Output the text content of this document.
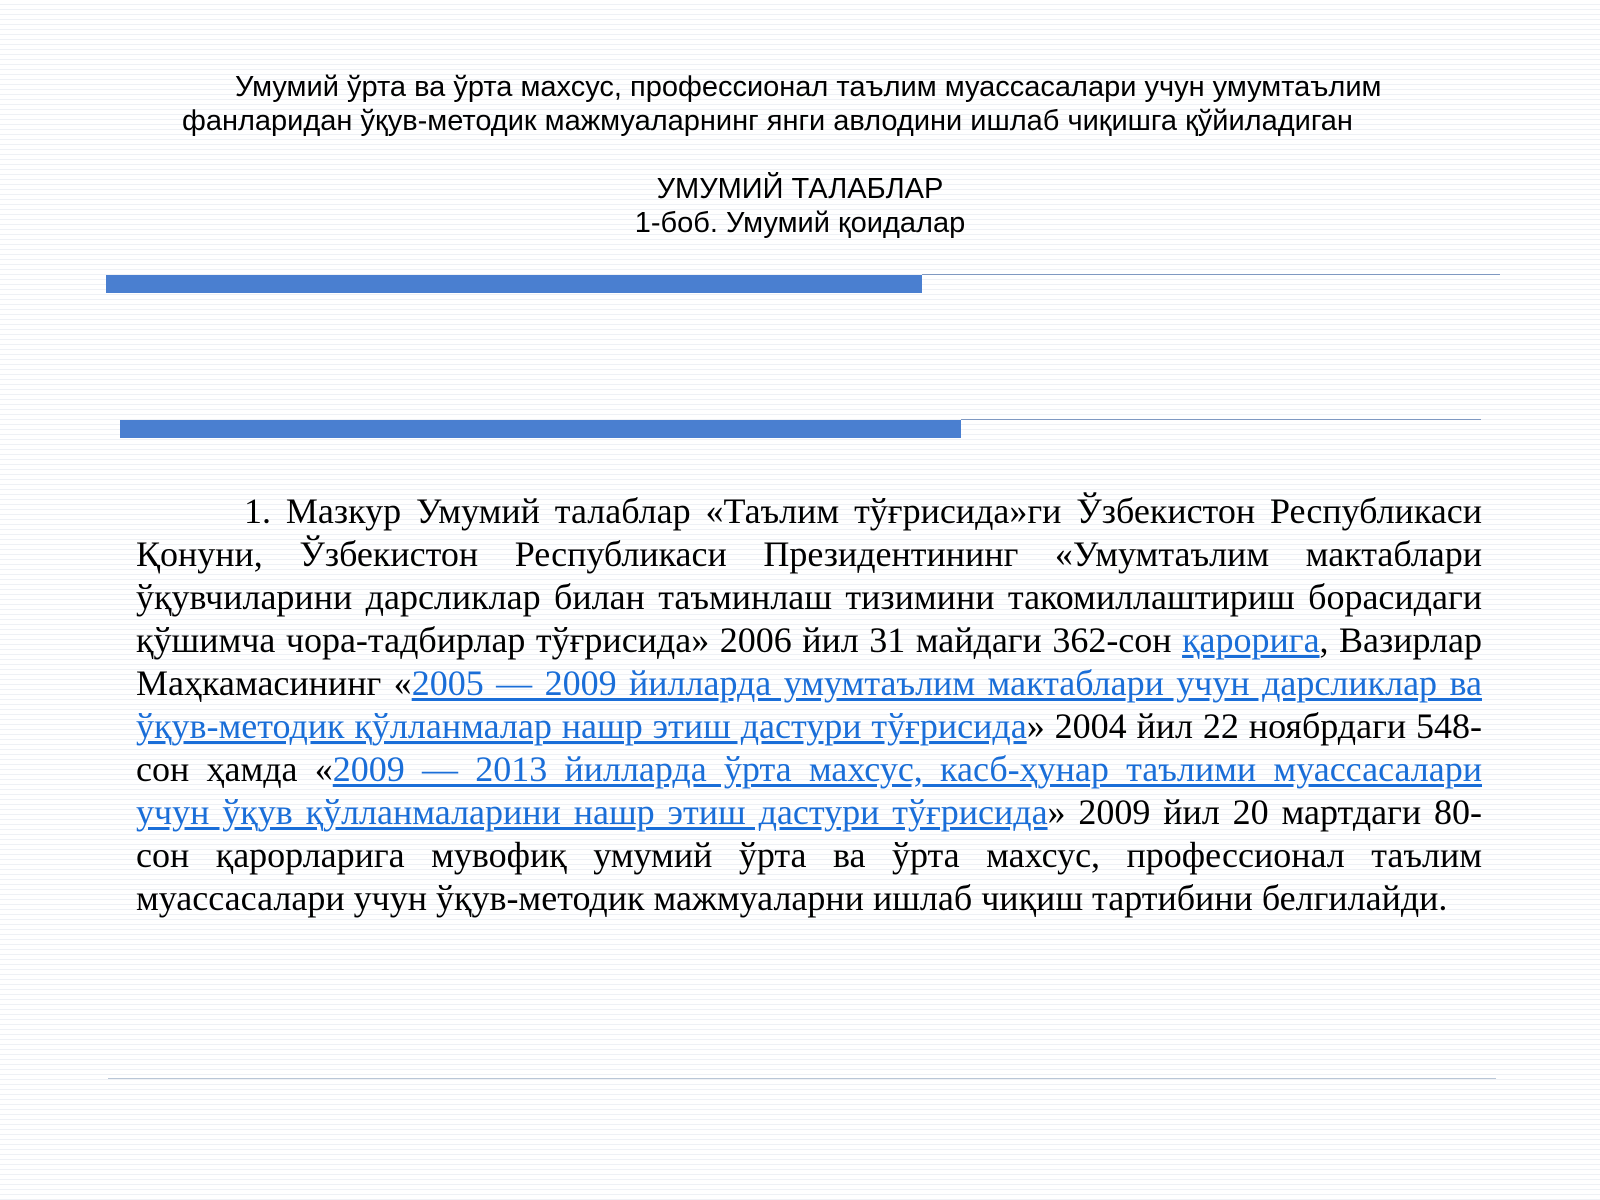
Умумий ўрта ва ўрта махсус, профессионал таълим муассасалари учун умумтаълим
фанларидан ўқув-методик мажмуаларнинг янги авлодини ишлаб чиқишга қўйиладиган
УМУМИЙ ТАЛАБЛАР
1-боб. Умумий қоидалар

1. Мазкур Умумий талаблар «Таълим тўғрисида»ги Ўзбекистон Республикаси Қонуни, Ўзбекистон Республикаси Президентининг «Умумтаълим мактаблари ўқувчиларини дарсликлар билан таъминлаш тизимини такомиллаштириш борасидаги қўшимча чора-тадбирлар тўғрисида» 2006 йил 31 майдаги 362-сон қарорига, Вазирлар Маҳкамасининг «2005 — 2009 йилларда умумтаълим мактаблари учун дарсликлар ва ўқув-методик қўлланмалар нашр этиш дастури тўғрисида» 2004 йил 22 ноябрдаги 548-сон ҳамда «2009 — 2013 йилларда ўрта махсус, касб-ҳунар таълими муассасалари учун ўқув қўлланмаларини нашр этиш дастури тўғрисида» 2009 йил 20 мартдаги 80-сон қарорларига мувофиқ умумий ўрта ва ўрта махсус, профессионал таълим муассасалари учун ўқув-методик мажмуаларни ишлаб чиқиш тартибини белгилайди.
